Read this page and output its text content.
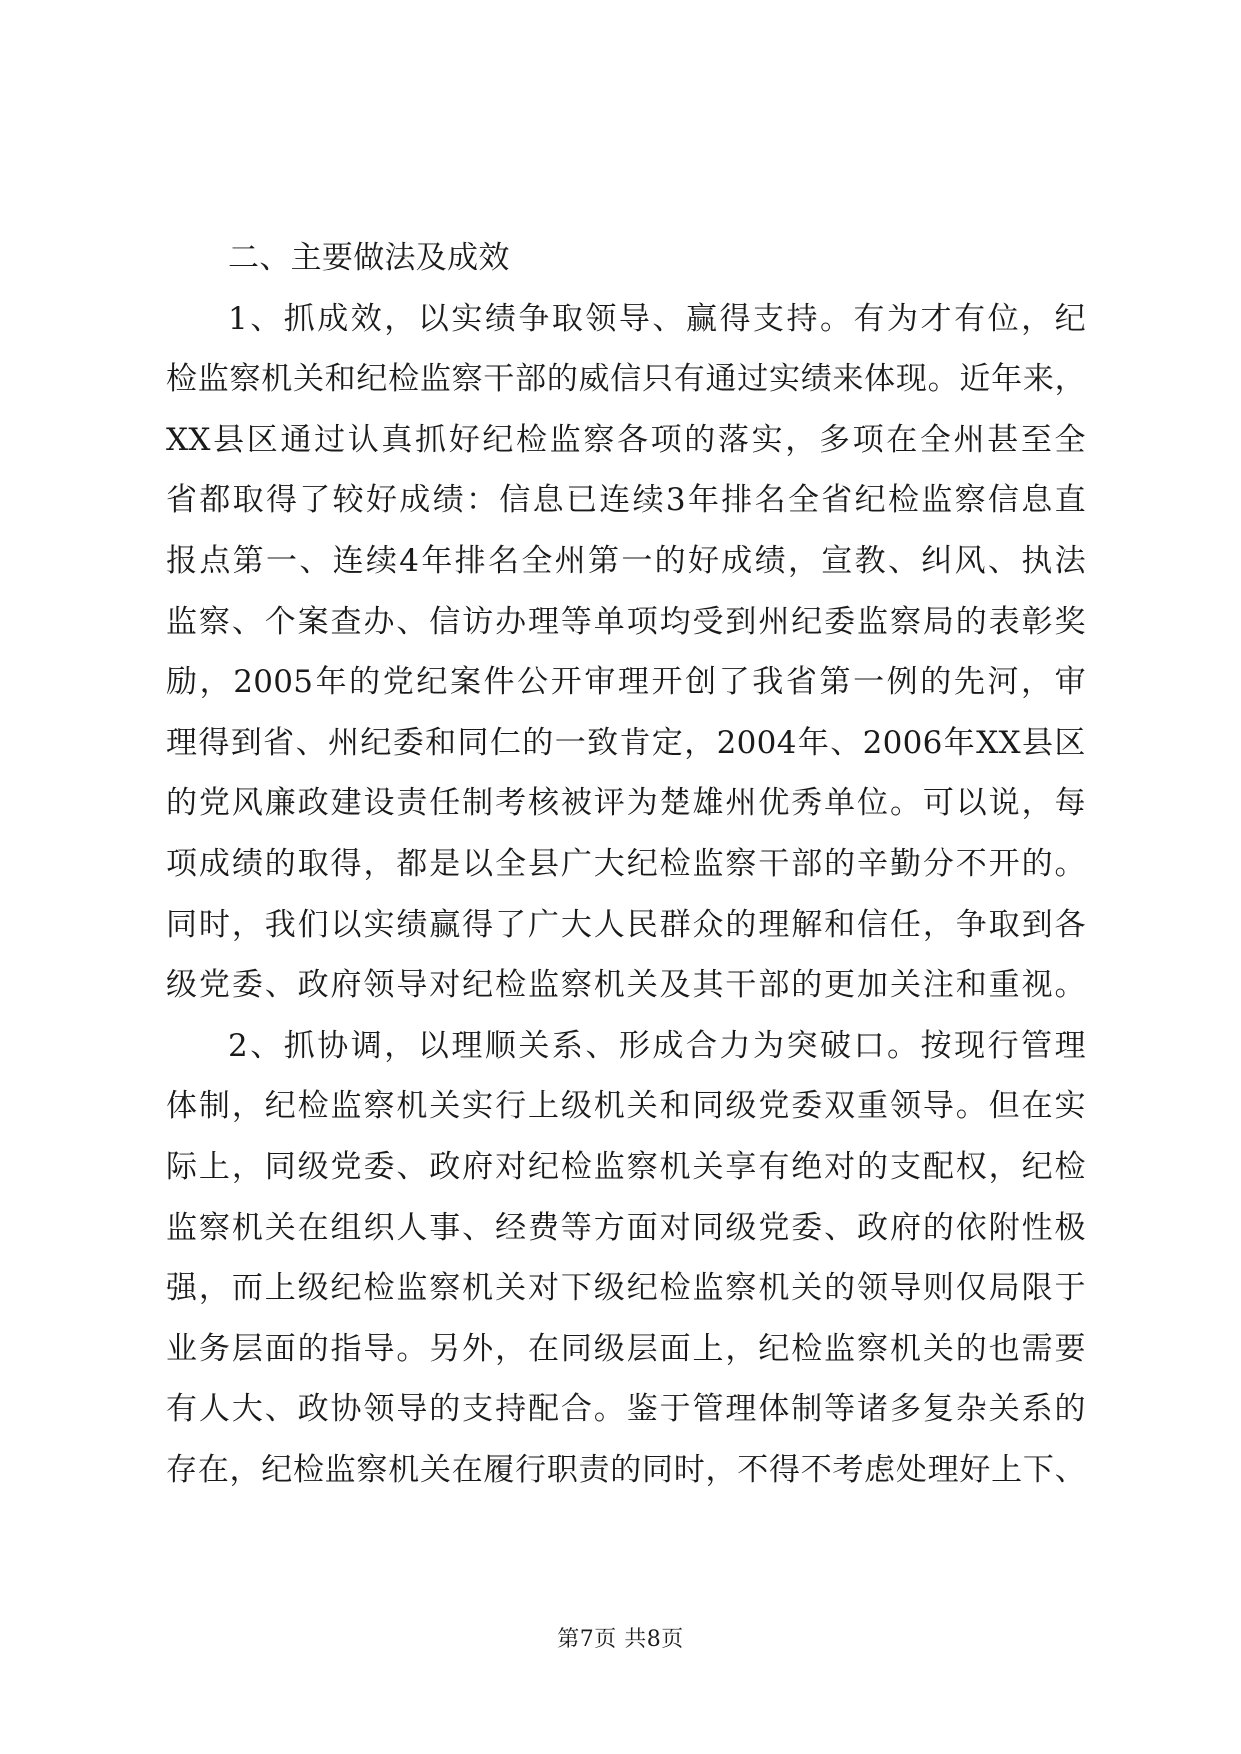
二、主要做法及成效
1 、 抓 成 效 ， 以 实 绩 争 取 领 导 、 赢 得 支 持 。 有 为 才 有 位 ， 纪
检 监 察 机 关 和 纪 检 监 察 干 部 的 威 信 只 有 通 过 实 绩 来 体 现 。 近 年 来 ，
XX 县 区 通 过 认 真 抓 好 纪 检 监 察 各 项 的 落 实 ， 多 项 在 全 州 甚 至 全
省 都 取 得 了 较 好 成 绩 ： 信 息 已 连 续 3 年 排 名 全 省 纪 检 监 察 信 息 直
报 点 第 一 、 连 续 4 年 排 名 全 州 第 一 的 好 成 绩 ， 宣 教 、 纠 风 、 执 法
监 察 、 个 案 查 办 、 信 访 办 理 等 单 项 均 受 到 州 纪 委 监 察 局 的 表 彰 奖
励 ， 2005 年 的 党 纪 案 件 公 开 审 理 开 创 了 我 省 第 一 例 的 先 河 ， 审
理 得 到 省 、 州 纪 委 和 同 仁 的 一 致 肯 定 ， 2004 年 、 2006 年 XX 县 区
的 党 风 廉 政 建 设 责 任 制 考 核 被 评 为 楚 雄 州 优 秀 单 位 。 可 以 说 ， 每
项 成 绩 的 取 得 ， 都 是 以 全 县 广 大 纪 检 监 察 干 部 的 辛 勤 分 不 开 的 。
同 时 ， 我 们 以 实 绩 赢 得 了 广 大 人 民 群 众 的 理 解 和 信 任 ， 争 取 到 各
级 党 委 、 政 府 领 导 对 纪 检 监 察 机 关 及 其 干 部 的 更 加 关 注 和 重 视 。
2 、 抓 协 调 ， 以 理 顺 关 系 、 形 成 合 力 为 突 破 口 。 按 现 行 管 理
体 制 ， 纪 检 监 察 机 关 实 行 上 级 机 关 和 同 级 党 委 双 重 领 导 。 但 在 实
际 上 ， 同 级 党 委 、 政 府 对 纪 检 监 察 机 关 享 有 绝 对 的 支 配 权 ， 纪 检
监 察 机 关 在 组 织 人 事 、 经 费 等 方 面 对 同 级 党 委 、 政 府 的 依 附 性 极
强 ， 而 上 级 纪 检 监 察 机 关 对 下 级 纪 检 监 察 机 关 的 领 导 则 仅 局 限 于
业 务 层 面 的 指 导 。 另 外 ， 在 同 级 层 面 上 ， 纪 检 监 察 机 关 的 也 需 要
有 人 大 、 政 协 领 导 的 支 持 配 合 。 鉴 于 管 理 体 制 等 诸 多 复 杂 关 系 的
存 在 ， 纪 检 监 察 机 关 在 履 行 职 责 的 同 时 ， 不 得 不 考 虑 处 理 好 上 下 、
第7页 共8页
